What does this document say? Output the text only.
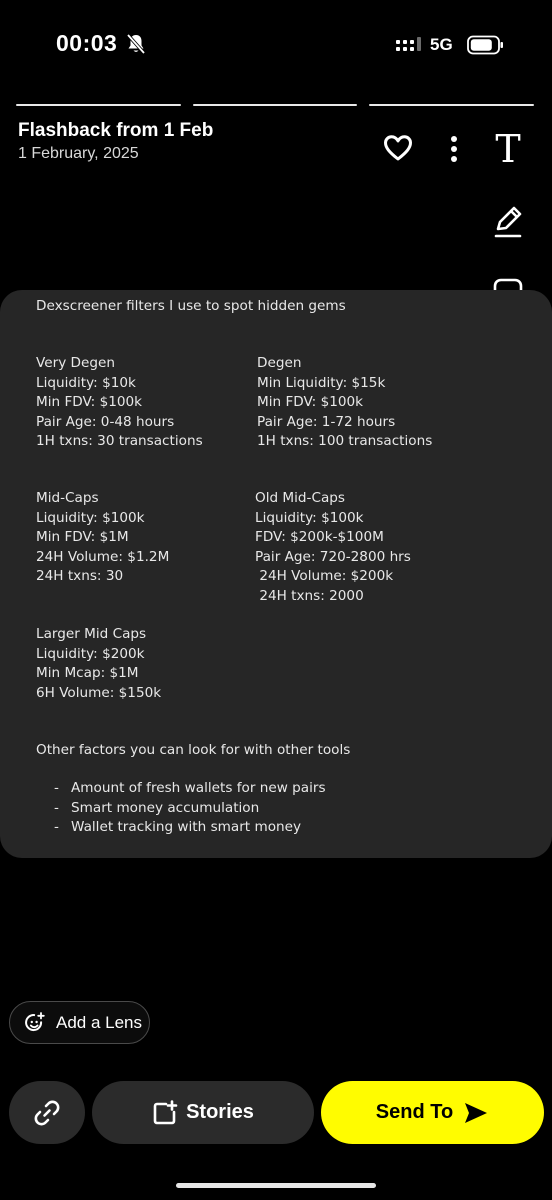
00:03	5G
Flashback from 1 Feb
1 February, 2025	T
Dexscreener filters I use to spot hidden gems
Very Degen
Liquidity: $10k
Min FDV: $100k
Pair Age: 0-48 hours
1H txns: 30 transactions
Degen
Min Liquidity: $15k
Min FDV: $100k
Pair Age: 1-72 hours
1H txns: 100 transactions
Mid-Caps
Liquidity: $100k
Min FDV: $1M
24H Volume: $1.2M
24H txns: 30
Old Mid-Caps
Liquidity: $100k
FDV: $200k-$100M
Pair Age: 720-2800 hrs
24H Volume: $200k
24H txns: 2000
Larger Mid Caps
Liquidity: $200k
Min Mcap: $1M
6H Volume: $150k
Other factors you can look for with other tools
- Amount of fresh wallets for new pairs
- Smart money accumulation
- Wallet tracking with smart money
Add a Lens
Stories	Send To
